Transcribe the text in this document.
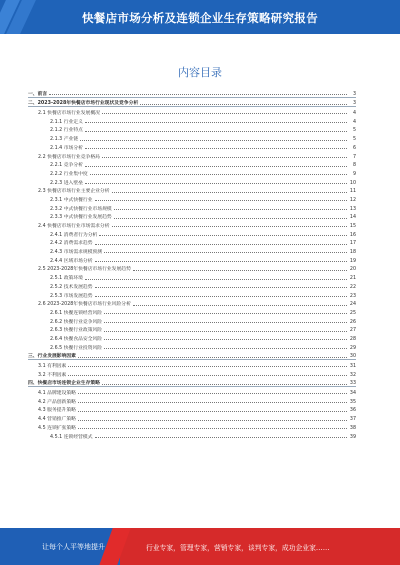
快餐店市场分析及连锁企业生存策略研究报告
内容目录
一、前言	3
二、2023-2028年快餐店市场行业现状及竞争分析	3
2.1 快餐店市场行业发展概况	4
2.1.1 行业定义	4
2.1.2 行业特点	5
2.1.3 产业链	5
2.1.4 市场分析	6
2.2 快餐店市场行业竞争格局	7
2.2.1 竞争分析	8
2.2.2 行业集中度	9
2.2.3 进入壁垒	10
2.3 快餐店市场行业主要企业分析	11
2.3.1 中式快餐行业	12
2.3.2 中式快餐行业市场规模	13
2.3.3 中式快餐行业发展趋势	14
2.4 快餐店市场行业市场需求分析	15
2.4.1 消费者行为分析	16
2.4.2 消费需求趋势	17
2.4.3 市场需求规模预测	18
2.4.4 区域市场分析	19
2.5 2023-2028年快餐店市场行业发展趋势	20
2.5.1 政策环境	21
2.5.2 技术发展趋势	22
2.5.3 市场发展趋势	23
2.6 2023-2028年快餐店市场行业风险分析	24
2.6.1 快餐连锁经营风险	25
2.6.2 快餐行业竞争风险	26
2.6.3 快餐行业政策风险	27
2.6.4 快餐食品安全风险	28
2.6.5 快餐行业投资风险	29
三、行业发展影响因素	30
3.1 有利因素	31
3.2 不利因素	32
四、快餐店市场连锁企业生存策略	33
4.1 品牌建设策略	34
4.2 产品创新策略	35
4.3 服务提升策略	36
4.4 营销推广策略	37
4.5 连锁扩张策略	38
4.5.1 连锁经营模式	39
让每个人平等地提升	行业专家，管理专家，营销专家，谈判专家，成功企业家……
